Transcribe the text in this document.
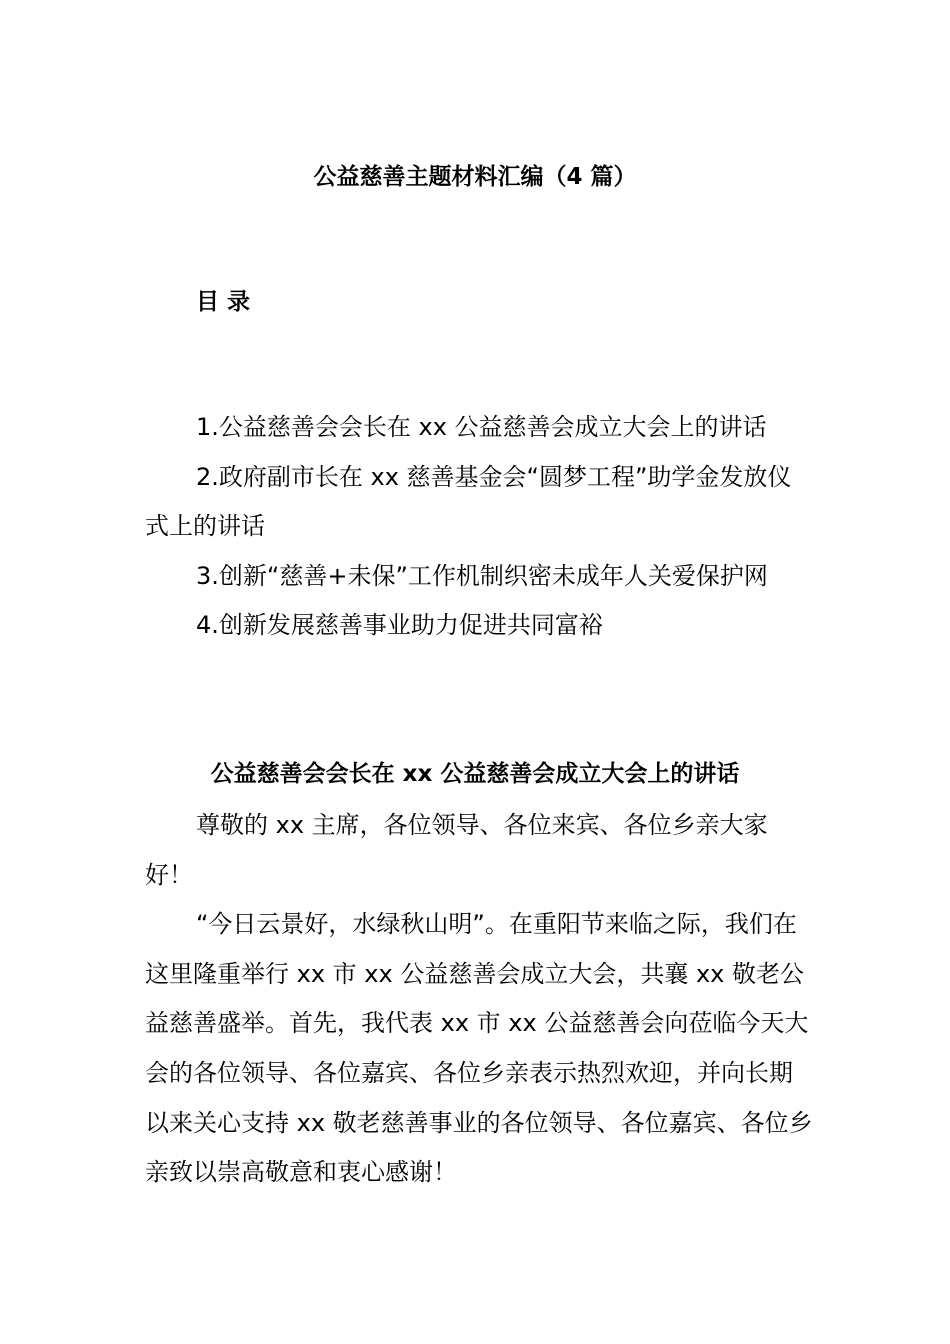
公益慈善主题材料汇编（4 篇）
目 录

1.公益慈善会会长在 xx 公益慈善会成立大会上的讲话

2.政府副市长在 xx 慈善基金会“圆梦工程”助学金发放仪式上的讲话

3.创新“慈善+未保”工作机制织密未成年人关爱保护网

4.创新发展慈善事业助力促进共同富裕

公益慈善会会长在 xx 公益慈善会成立大会上的讲话

尊敬的 xx 主席，各位领导、各位来宾、各位乡亲大家好！

“今日云景好，水绿秋山明”。在重阳节来临之际，我们在这里隆重举行 xx 市 xx 公益慈善会成立大会，共襄 xx 敬老公益慈善盛举。首先，我代表 xx 市 xx 公益慈善会向莅临今天大会的各位领导、各位嘉宾、各位乡亲表示热烈欢迎，并向长期以来关心支持 xx 敬老慈善事业的各位领导、各位嘉宾、各位乡亲致以崇高敬意和衷心感谢！
